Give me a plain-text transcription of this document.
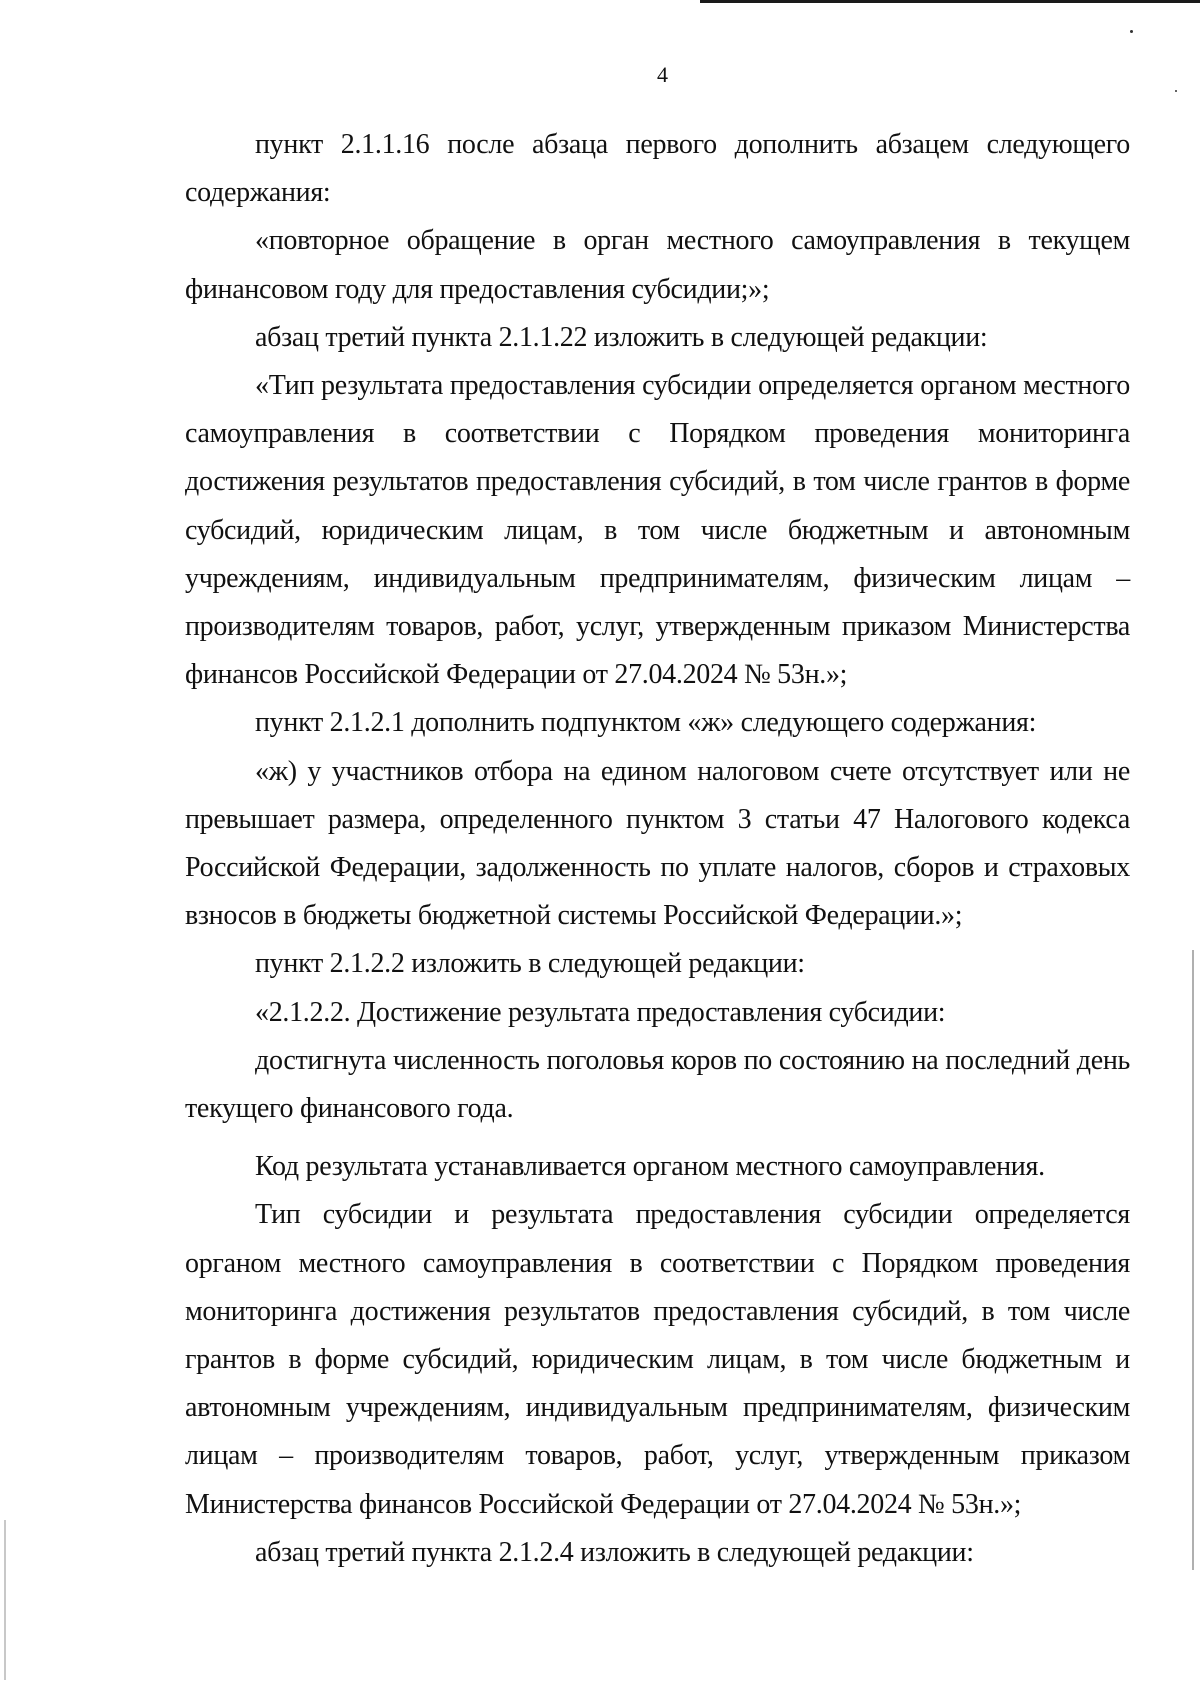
4

пункт 2.1.1.16 после абзаца первого дополнить абзацем следующего содержания:

«повторное обращение в орган местного самоуправления в текущем финансовом году для предоставления субсидии;»;

абзац третий пункта 2.1.1.22 изложить в следующей редакции:

«Тип результата предоставления субсидии определяется органом местного самоуправления в соответствии с Порядком проведения мониторинга достижения результатов предоставления субсидий, в том числе грантов в форме субсидий, юридическим лицам, в том числе бюджетным и автономным учреждениям, индивидуальным предпринимателям, физическим лицам – производителям товаров, работ, услуг, утвержденным приказом Министерства финансов Российской Федерации от 27.04.2024 № 53н.»;

пункт 2.1.2.1 дополнить подпунктом «ж» следующего содержания:

«ж) у участников отбора на едином налоговом счете отсутствует или не превышает размера, определенного пунктом 3 статьи 47 Налогового кодекса Российской Федерации, задолженность по уплате налогов, сборов и страховых взносов в бюджеты бюджетной системы Российской Федерации.»;

пункт 2.1.2.2 изложить в следующей редакции:

«2.1.2.2. Достижение результата предоставления субсидии:

достигнута численность поголовья коров по состоянию на последний день текущего финансового года.

Код результата устанавливается органом местного самоуправления.

Тип субсидии и результата предоставления субсидии определяется органом местного самоуправления в соответствии с Порядком проведения мониторинга достижения результатов предоставления субсидий, в том числе грантов в форме субсидий, юридическим лицам, в том числе бюджетным и автономным учреждениям, индивидуальным предпринимателям, физическим лицам – производителям товаров, работ, услуг, утвержденным приказом Министерства финансов Российской Федерации от 27.04.2024 № 53н.»;

абзац третий пункта 2.1.2.4 изложить в следующей редакции:
